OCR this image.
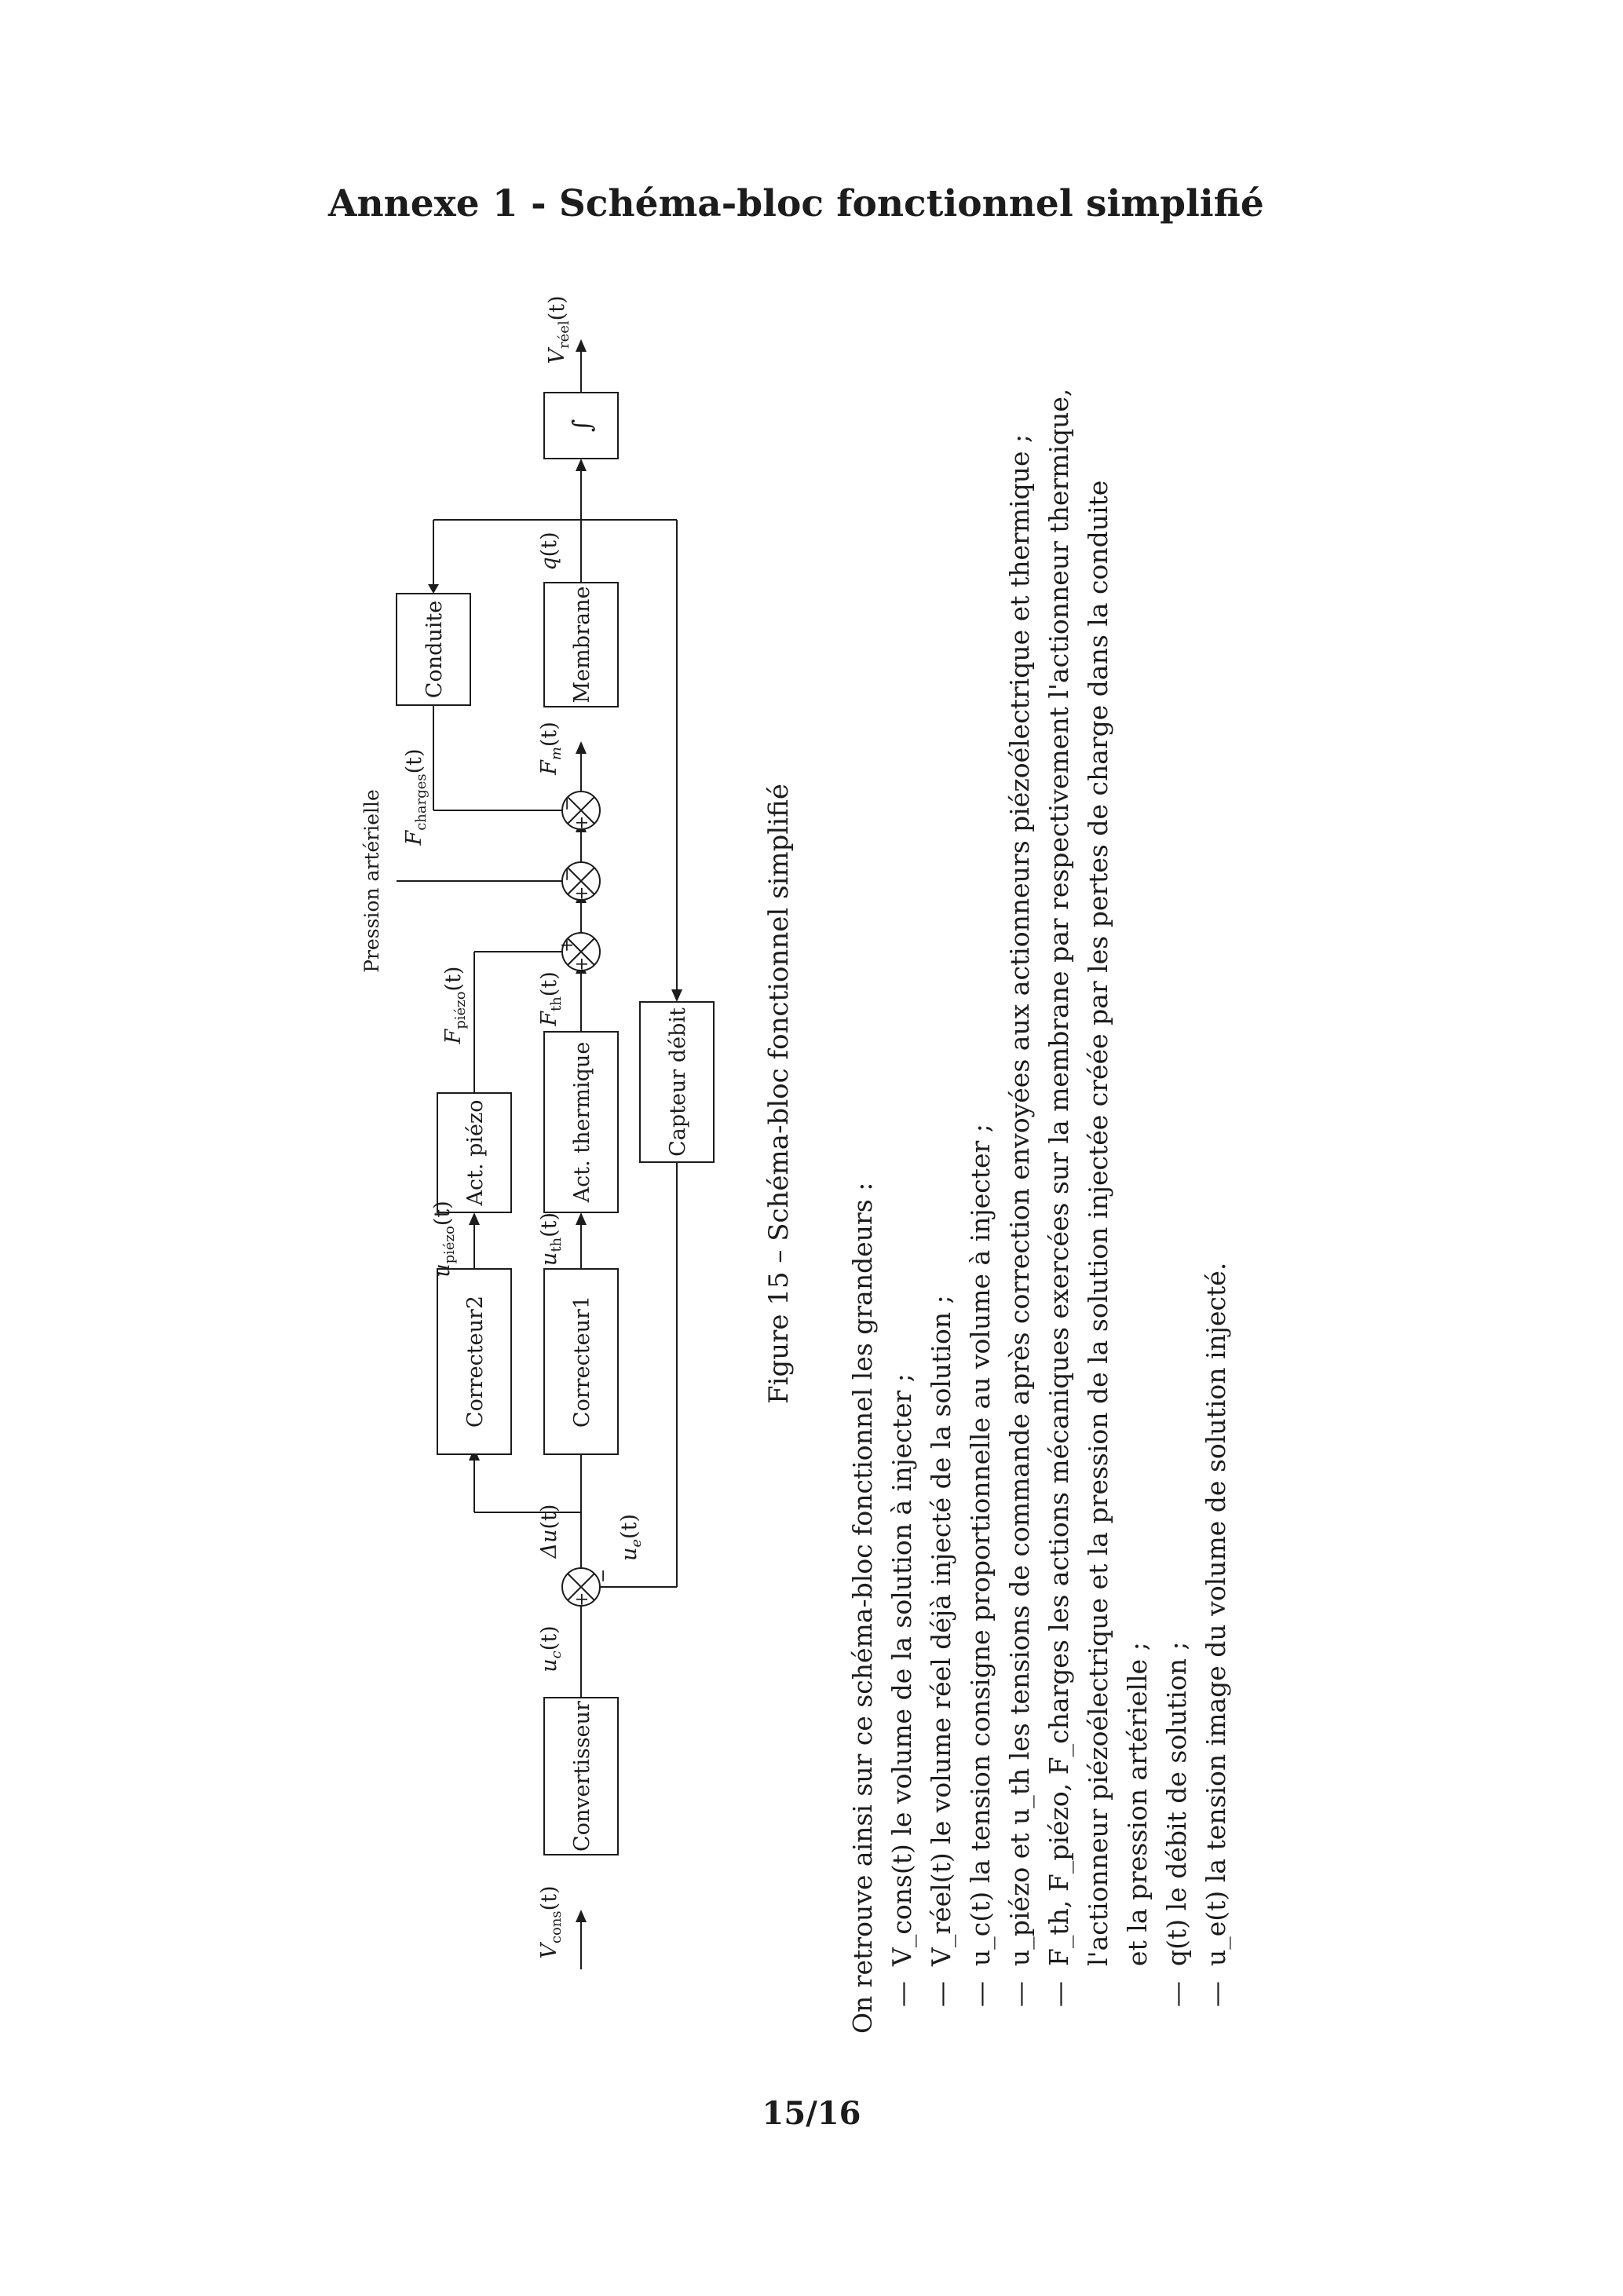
Annexe 1 - Schéma-bloc fonctionnel simplifié
Convertisseur
Correcteur1
Correcteur2
Act. thermique
Act. piézo	Capteur débit
Membrane
Conduite
∫
+
−
+
+
+
−
+
−
$V_{cons}(t)$
$u_c(t)$
Δu(t)
$u_e(t)$
$u_{th}(t)$
$u_{piézo}(t)$
$F_{th}(t)$
$F_{piézo}(t)$
Pression artérielle $F_{charges}(t)$	$F_m(t)$
q(t)
$V_{réel}(t)$
Figure 15 – Schéma-bloc fonctionnel simplifié
On retrouve ainsi sur ce schéma-bloc fonctionnel les grandeurs : —
V_cons(t) le volume de la solution à injecter ;
—
V_réel(t) le volume réel déjà injecté de la solution ;
—
u_c(t) la tension consigne proportionnelle au volume à injecter ;
—
u_piézo et u_th les tensions de commande après correction envoyées aux actionneurs piézoélectrique et thermique ;
—
F_th, F_piézo, F_charges les actions mécaniques exercées sur la membrane par respectivement l'actionneur thermique, l'actionneur piézoélectrique et la pression de la solution injectée créée par les pertes de charge dans la conduite et la pression artérielle ;
—
q(t) le débit de solution ;
—
u_e(t) la tension image du volume de solution injecté.
15/16
